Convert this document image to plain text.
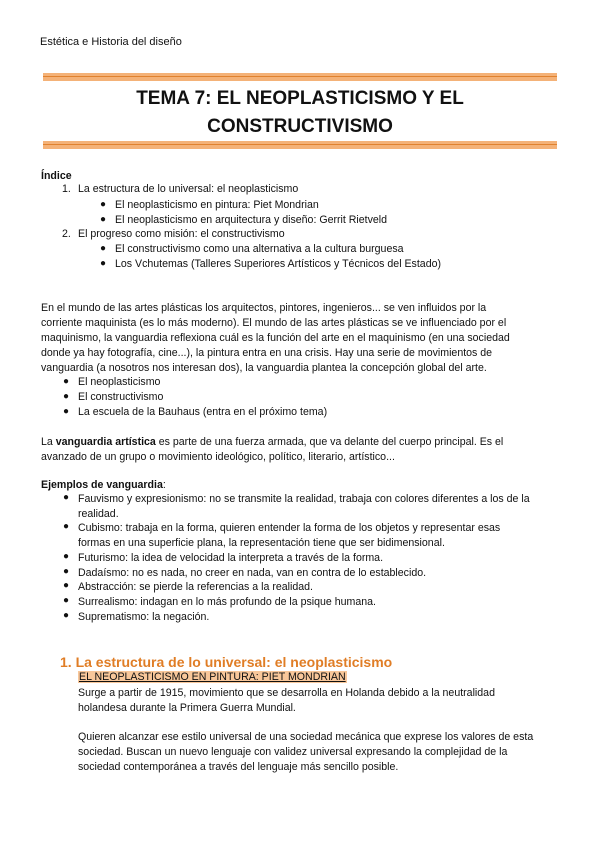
Estética e Historia del diseño
TEMA 7: EL NEOPLASTICISMO Y EL
CONSTRUCTIVISMO
Índice
1. La estructura de lo universal: el neoplasticismo
● El neoplasticismo en pintura: Piet Mondrian
● El neoplasticismo en arquitectura y diseño: Gerrit Rietveld
2. El progreso como misión: el constructivismo
● El constructivismo como una alternativa a la cultura burguesa
● Los Vchutemas (Talleres Superiores Artísticos y Técnicos del Estado)
En el mundo de las artes plásticas los arquitectos, pintores, ingenieros... se ven influidos por la
corriente maquinista (es lo más moderno). El mundo de las artes plásticas se ve influenciado por el
maquinismo, la vanguardia reflexiona cuál es la función del arte en el maquinismo (en una sociedad
donde ya hay fotografía, cine...), la pintura entra en una crisis. Hay una serie de movimientos de
vanguardia (a nosotros nos interesan dos), la vanguardia plantea la concepción global del arte.
● El neoplasticismo
● El constructivismo
● La escuela de la Bauhaus (entra en el próximo tema)
La vanguardia artística es parte de una fuerza armada, que va delante del cuerpo principal. Es el
avanzado de un grupo o movimiento ideológico, político, literario, artístico...
Ejemplos de vanguardia:
● Fauvismo y expresionismo: no se transmite la realidad, trabaja con colores diferentes a los de la
realidad.
● Cubismo: trabaja en la forma, quieren entender la forma de los objetos y representar esas
formas en una superficie plana, la representación tiene que ser bidimensional.
● Futurismo: la idea de velocidad la interpreta a través de la forma.
● Dadaísmo: no es nada, no creer en nada, van en contra de lo establecido.
● Abstracción: se pierde la referencias a la realidad.
● Surrealismo: indagan en lo más profundo de la psique humana.
● Suprematismo: la negación.
1. La estructura de lo universal: el neoplasticismo
EL NEOPLASTICISMO EN PINTURA: PIET MONDRIAN
Surge a partir de 1915, movimiento que se desarrolla en Holanda debido a la neutralidad
holandesa durante la Primera Guerra Mundial.
Quieren alcanzar ese estilo universal de una sociedad mecánica que exprese los valores de esta
sociedad. Buscan un nuevo lenguaje con validez universal expresando la complejidad de la
sociedad contemporánea a través del lenguaje más sencillo posible.
